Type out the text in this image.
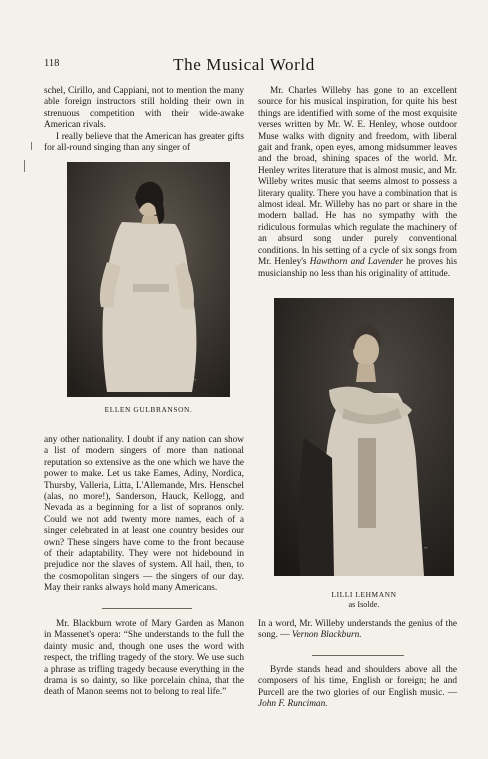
118	The Musical World

schel, Cirillo, and Cappiani, not to mention the many able foreign instructors still holding their own in strenuous competition with their wide-awake American rivals.

I really believe that the American has greater gifts for all-round singing than any singer of

~
ELLEN GULBRANSON.

any other nationality. I doubt if any nation can show a list of modern singers of more than national reputation so extensive as the one which we have the power to make. Let us take Eames, Adiny, Nordica, Thursby, Valleria, Litta, L'Allemande, Mrs. Henschel (alas, no more!), Sanderson, Hauck, Kellogg, and Nevada as a beginning for a list of sopranos only. Could we not add twenty more names, each of a singer celebrated in at least one country besides our own? These singers have come to the front because of their adaptability. They were not hidebound in prejudice nor the slaves of system. All hail, then, to the cosmopolitan singers — the singers of our day. May their ranks always hold many Americans.

Mr. Blackburn wrote of Mary Garden as Manon in Massenet's opera: “She understands to the full the dainty music and, though one uses the word with respect, the trifling tragedy of the story. We use such a phrase as trifling tragedy because everything in the drama is so dainty, so like porcelain china, that the death of Manon seems not to belong to real life.”

Mr. Charles Willeby has gone to an excellent source for his musical inspiration, for quite his best things are identified with some of the most exquisite verses written by Mr. W. E. Henley, whose outdoor Muse walks with dignity and freedom, with liberal gait and frank, open eyes, among midsummer leaves and the broad, shining spaces of the world. Mr. Henley writes literature that is almost music, and Mr. Willeby writes music that seems almost to possess a literary quality. There you have a combination that is almost ideal. Mr. Willeby has no part or share in the modern ballad. He has no sympathy with the ridiculous formulas which regulate the machinery of an absurd song under purely conventional conditions. In his setting of a cycle of six songs from Mr. Henley's Hawthorn and Lavender he proves his musicianship no less than his originality of attitude.

~
LILLI LEHMANN
as Isolde.

In a word, Mr. Willeby understands the genius of the song. — Vernon Blackburn.

Byrde stands head and shoulders above all the composers of his time, English or foreign; he and Purcell are the two glories of our English music. — John F. Runciman.
